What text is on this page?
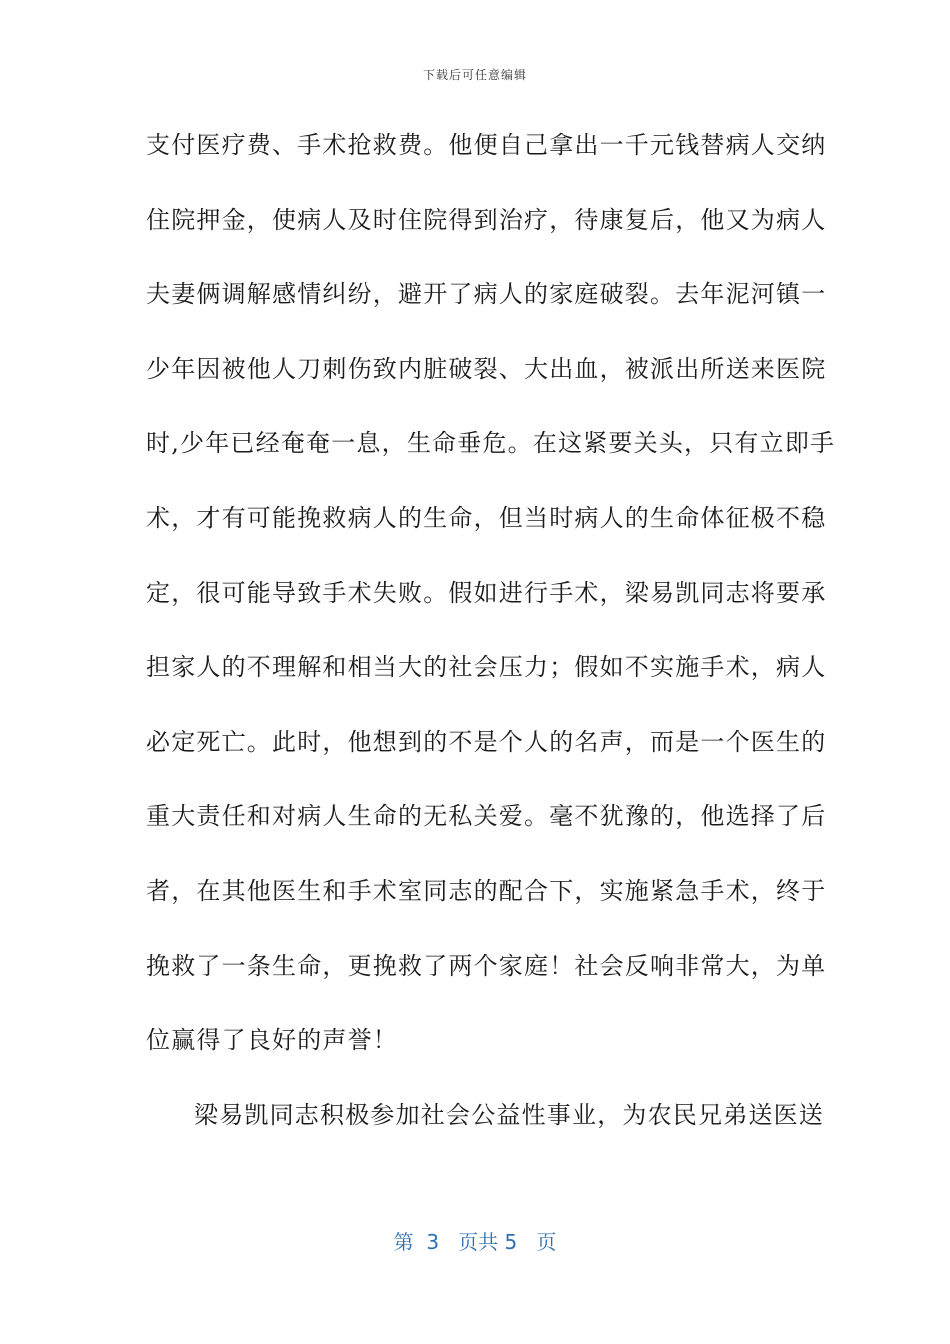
下载后可任意编辑
支付医疗费、手术抢救费。他便自己拿出一千元钱替病人交纳
住院押金，使病人及时住院得到治疗，待康复后，他又为病人
夫妻俩调解感情纠纷，避开了病人的家庭破裂。去年泥河镇一
少年因被他人刀刺伤致内脏破裂、大出血，被派出所送来医院
时,少年已经奄奄一息，生命垂危。在这紧要关头，只有立即手
术，才有可能挽救病人的生命，但当时病人的生命体征极不稳
定，很可能导致手术失败。假如进行手术，梁易凯同志将要承
担家人的不理解和相当大的社会压力；假如不实施手术，病人
必定死亡。此时，他想到的不是个人的名声，而是一个医生的
重大责任和对病人生命的无私关爱。毫不犹豫的，他选择了后
者，在其他医生和手术室同志的配合下，实施紧急手术，终于
挽救了一条生命，更挽救了两个家庭！社会反响非常大，为单
位赢得了良好的声誉！
梁易凯同志积极参加社会公益性事业，为农民兄弟送医送
第  3   页共 5   页
